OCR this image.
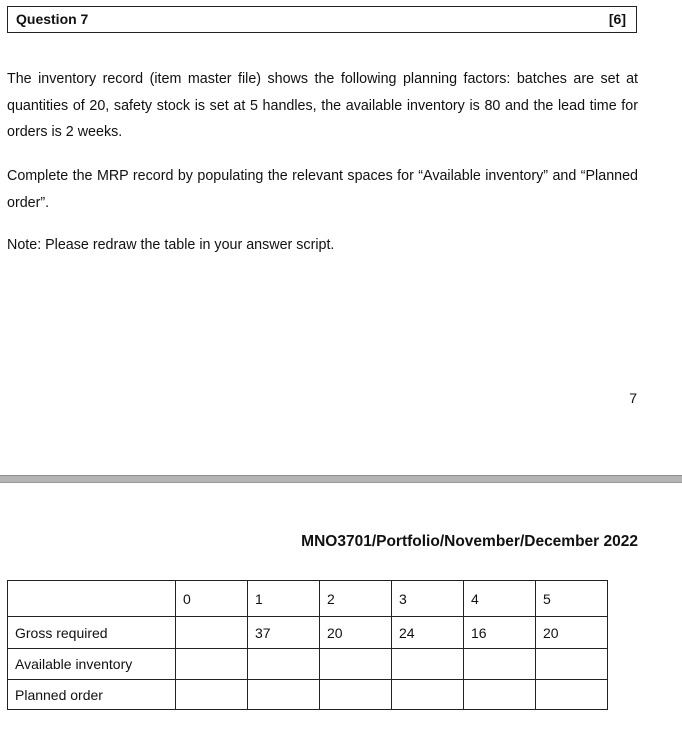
Question 7	[6]

The inventory record (item master file) shows the following planning factors: batches are set at quantities of 20, safety stock is set at 5 handles, the available inventory is 80 and the lead time for orders is 2 weeks.

Complete the MRP record by populating the relevant spaces for “Available inventory” and “Planned order”.

Note: Please redraw the table in your answer script.

7
MNO3701/Portfolio/November/December 2022
	0	1	2	3	4	5
Gross required		37	20	24	16	20
Available inventory						
Planned order						
